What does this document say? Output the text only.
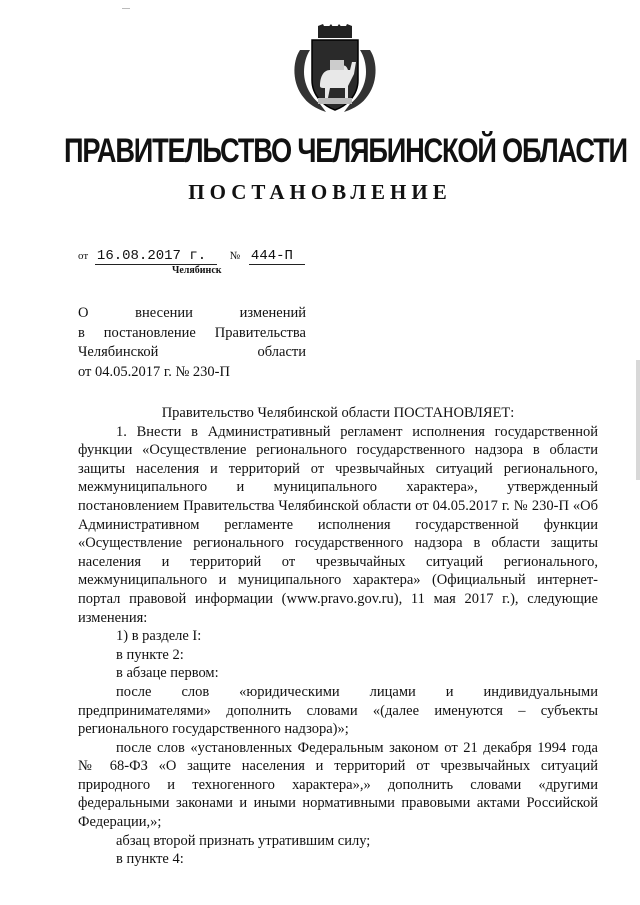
ПРАВИТЕЛЬСТВО ЧЕЛЯБИНСКОЙ ОБЛАСТИ
ПОСТАНОВЛЕНИЕ
от 16.08.2017 г. № 444-П
Челябинск
О внесении изменений
в постановление Правительства
Челябинской области
от 04.05.2017 г. № 230-П

Правительство Челябинской области ПОСТАНОВЛЯЕТ:

1. Внести в Административный регламент исполнения государственной функции «Осуществление регионального государственного надзора в области защиты населения и территорий от чрезвычайных ситуаций регионального, межмуниципального и муниципального характера», утвержденный постановлением Правительства Челябинской области от 04.05.2017 г. № 230-П «Об Административном регламенте исполнения государственной функции «Осуществление регионального государственного надзора в области защиты населения и территорий от чрезвычайных ситуаций регионального, межмуниципального и муниципального характера» (Официальный интернет-портал правовой информации (www.pravo.gov.ru), 11 мая 2017 г.), следующие изменения:

1) в разделе I:

в пункте 2:

в абзаце первом:

после слов «юридическими лицами и индивидуальными предпринимателями» дополнить словами «(далее именуются – субъекты регионального государственного надзора)»;

после слов «установленных Федеральным законом от 21 декабря 1994 года № 68-ФЗ «О защите населения и территорий от чрезвычайных ситуаций природного и техногенного характера»,» дополнить словами «другими федеральными законами и иными нормативными правовыми актами Российской Федерации,»;

абзац второй признать утратившим силу;

в пункте 4:
